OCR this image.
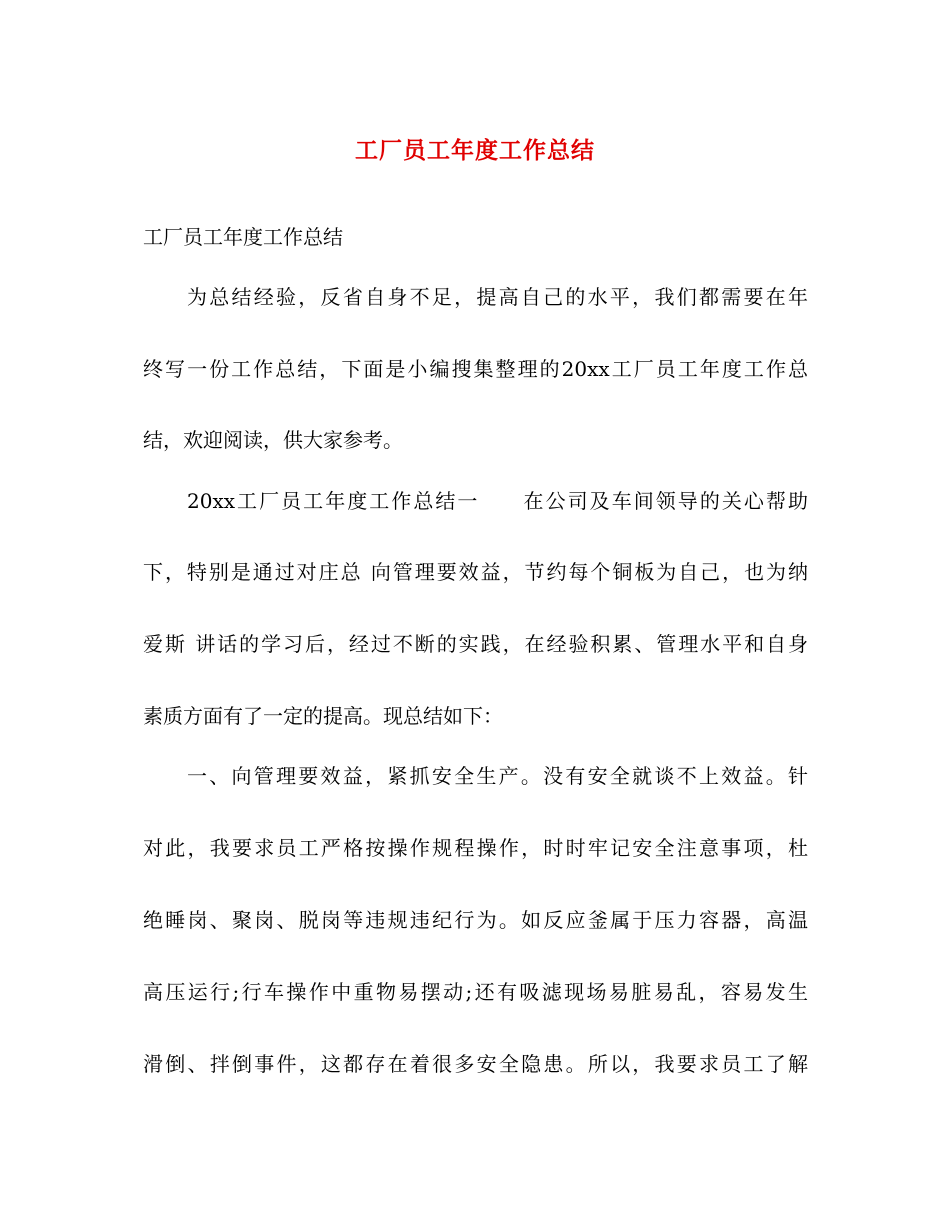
工厂员工年度工作总结
工厂员工年度工作总结
为总结经验，反省自身不足，提高自己的水平，我们都需要在年
终写一份工作总结，下面是小编搜集整理的20xx工厂员工年度工作总
结，欢迎阅读，供大家参考。
20xx工厂员工年度工作总结一　　在公司及车间领导的关心帮助
下，特别是通过对庄总 向管理要效益，节约每个铜板为自己，也为纳
爱斯 讲话的学习后，经过不断的实践，在经验积累、管理水平和自身
素质方面有了一定的提高。现总结如下：
一、向管理要效益，紧抓安全生产。没有安全就谈不上效益。针
对此，我要求员工严格按操作规程操作，时时牢记安全注意事项，杜
绝睡岗、聚岗、脱岗等违规违纪行为。如反应釜属于压力容器，高温
高压运行;行车操作中重物易摆动;还有吸滤现场易脏易乱，容易发生
滑倒、拌倒事件，这都存在着很多安全隐患。所以，我要求员工了解
